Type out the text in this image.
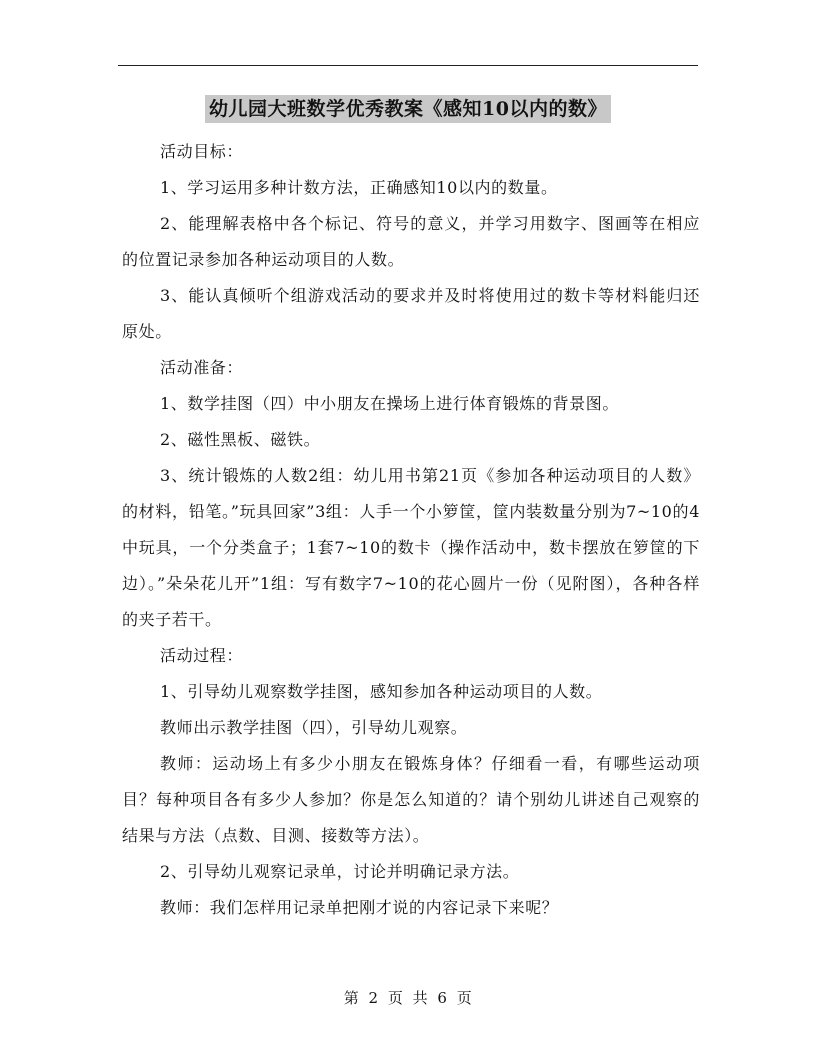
幼儿园大班数学优秀教案《感知10以内的数》

活动目标：

1、学习运用多种计数方法，正确感知10以内的数量。

2、能理解表格中各个标记、符号的意义，并学习用数字、图画等在相应的位置记录参加各种运动项目的人数。

3、能认真倾听个组游戏活动的要求并及时将使用过的数卡等材料能归还原处。

活动准备：

1、数学挂图（四）中小朋友在操场上进行体育锻炼的背景图。

2、磁性黑板、磁铁。

3、统计锻炼的人数2组：幼儿用书第21页《参加各种运动项目的人数》的材料，铅笔。”玩具回家”3组：人手一个小箩筐，筐内装数量分别为7~10的4中玩具，一个分类盒子；1套7~10的数卡（操作活动中，数卡摆放在箩筐的下边）。”朵朵花儿开”1组：写有数字7~10的花心圆片一份（见附图），各种各样的夹子若干。

活动过程：

1、引导幼儿观察数学挂图，感知参加各种运动项目的人数。

教师出示教学挂图（四），引导幼儿观察。

教师：运动场上有多少小朋友在锻炼身体？仔细看一看，有哪些运动项目？每种项目各有多少人参加？你是怎么知道的？请个别幼儿讲述自己观察的结果与方法（点数、目测、接数等方法）。

2、引导幼儿观察记录单，讨论并明确记录方法。

教师：我们怎样用记录单把刚才说的内容记录下来呢？

第 2 页 共 6 页
